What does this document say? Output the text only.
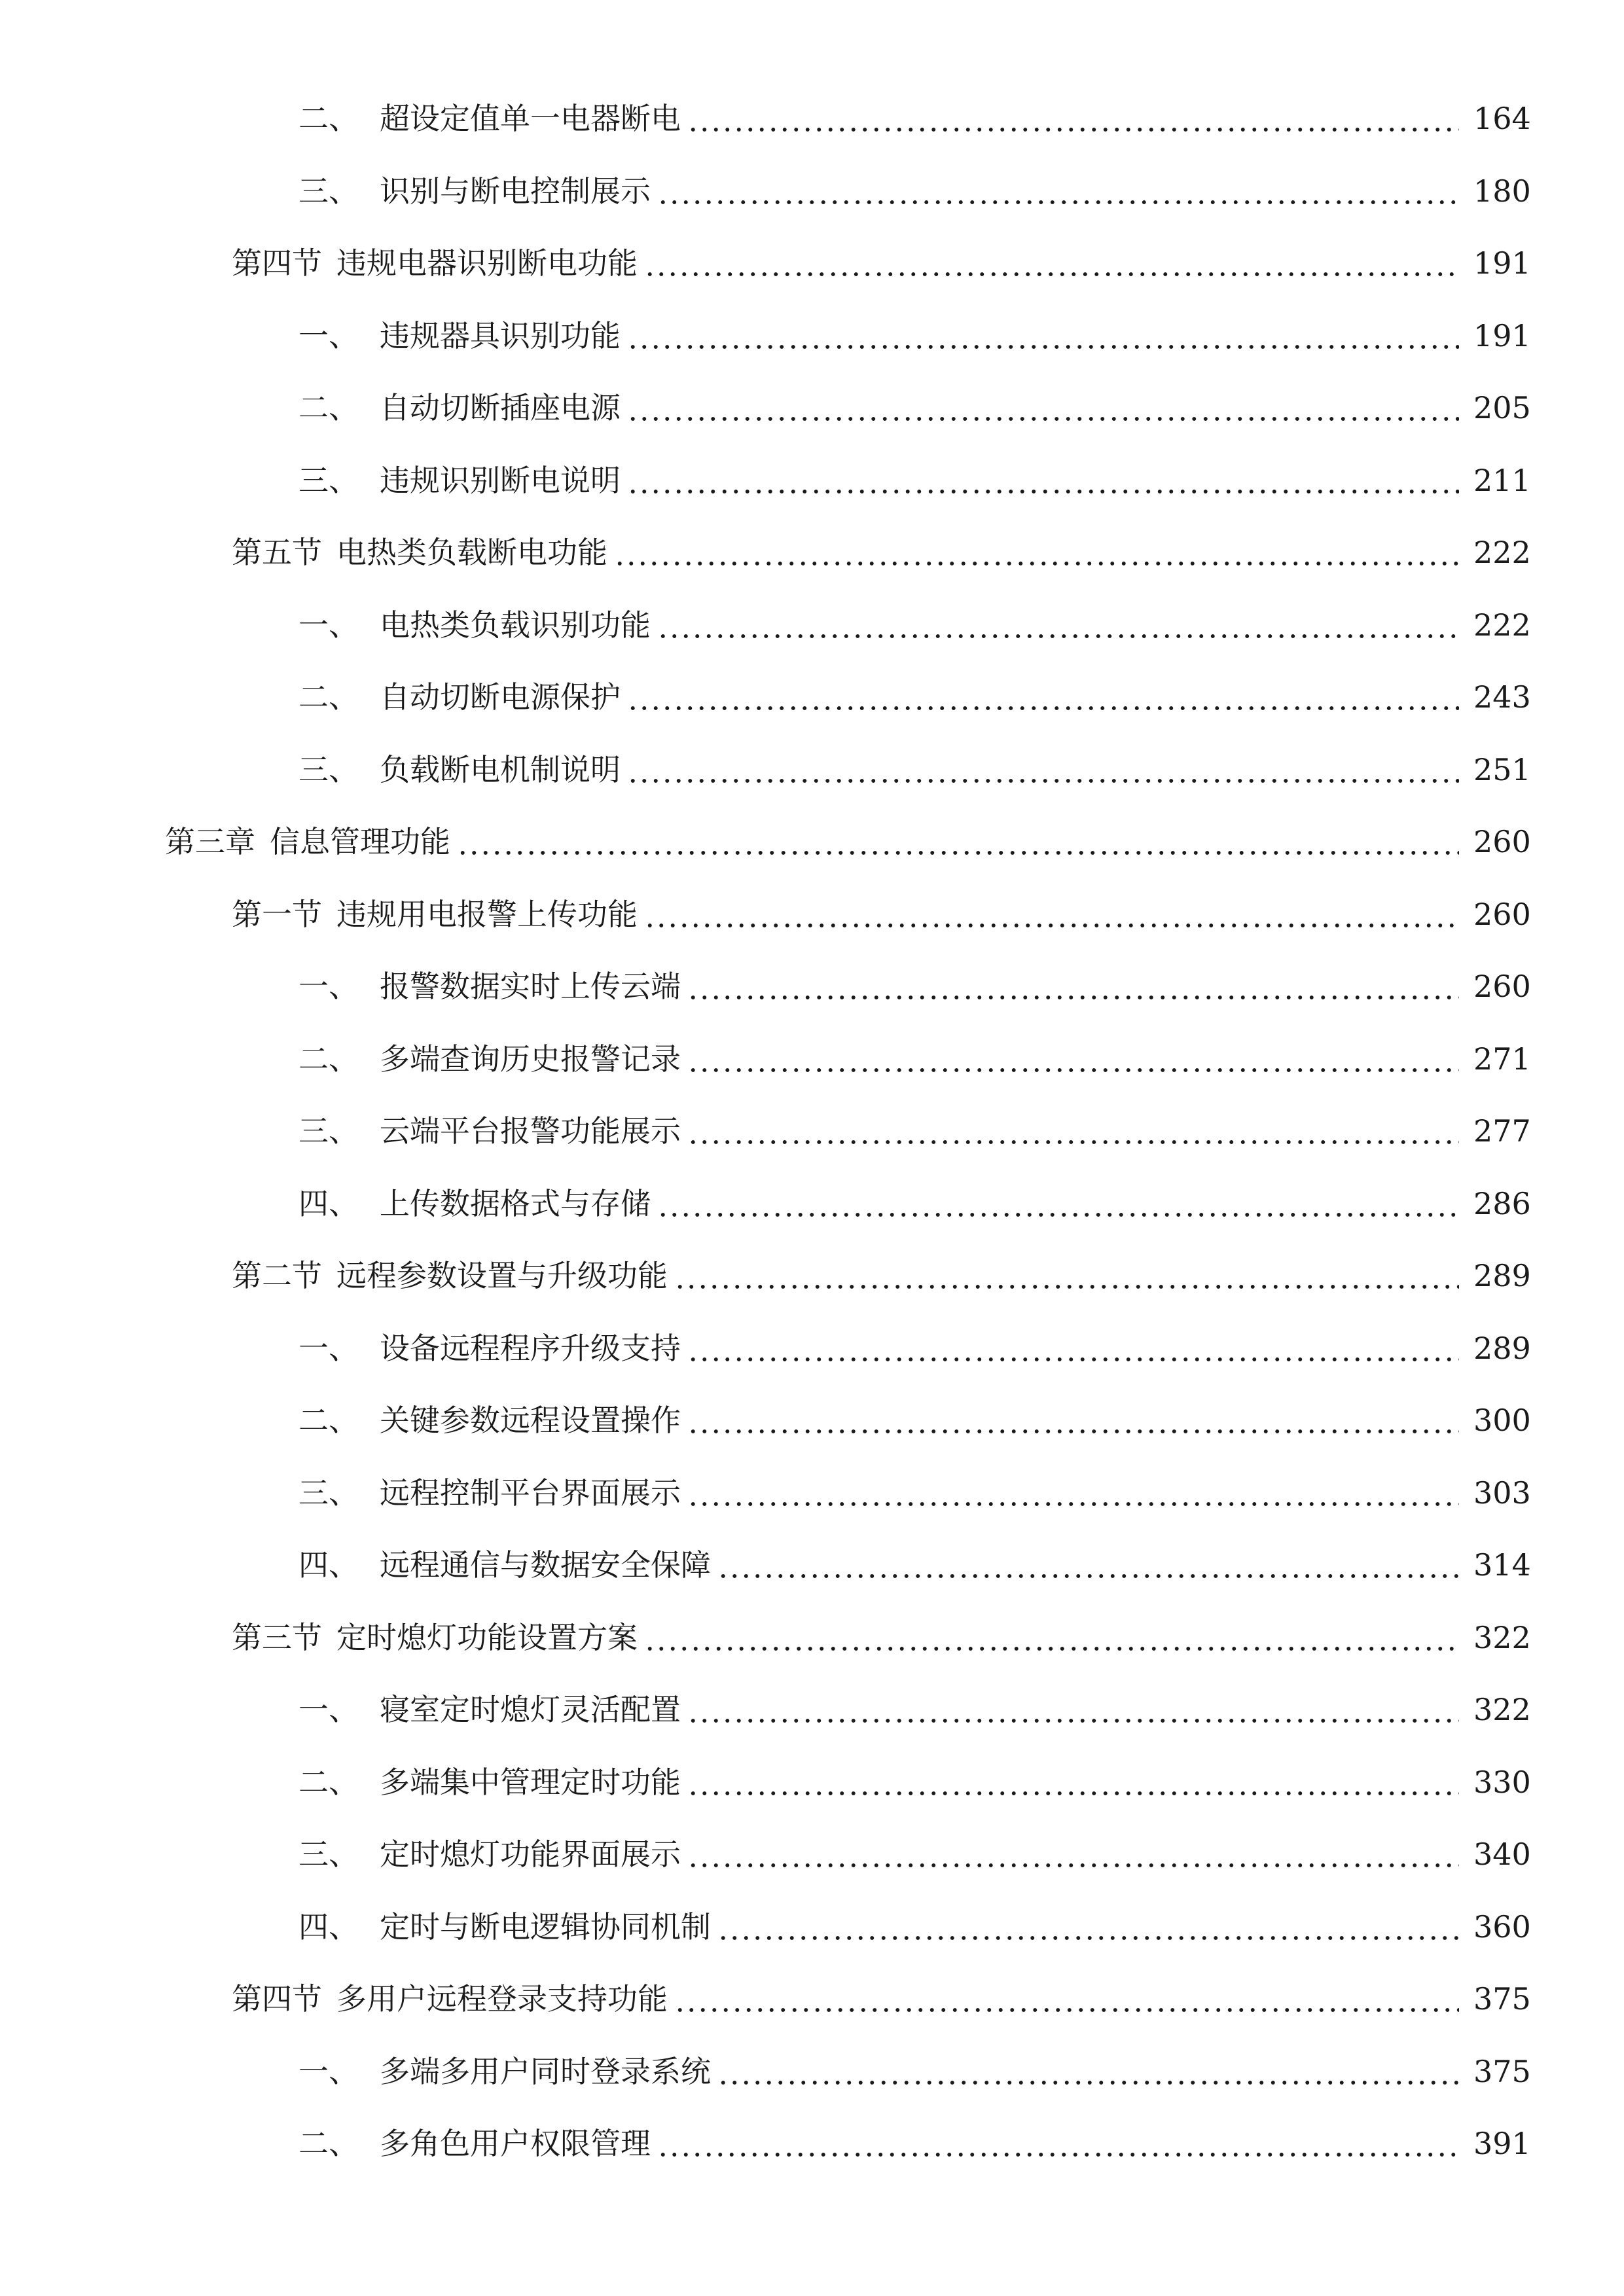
二、 超设定值单一电器断电	164
三、 识别与断电控制展示	180
第四节 违规电器识别断电功能	191
一、 违规器具识别功能	191
二、 自动切断插座电源	205
三、 违规识别断电说明	211
第五节 电热类负载断电功能	222
一、 电热类负载识别功能	222
二、 自动切断电源保护	243
三、 负载断电机制说明	251
第三章 信息管理功能	260
第一节 违规用电报警上传功能	260
一、 报警数据实时上传云端	260
二、 多端查询历史报警记录	271
三、 云端平台报警功能展示	277
四、 上传数据格式与存储	286
第二节 远程参数设置与升级功能	289
一、 设备远程程序升级支持	289
二、 关键参数远程设置操作	300
三、 远程控制平台界面展示	303
四、 远程通信与数据安全保障	314
第三节 定时熄灯功能设置方案	322
一、 寝室定时熄灯灵活配置	322
二、 多端集中管理定时功能	330
三、 定时熄灯功能界面展示	340
四、 定时与断电逻辑协同机制	360
第四节 多用户远程登录支持功能	375
一、 多端多用户同时登录系统	375
二、 多角色用户权限管理	391
